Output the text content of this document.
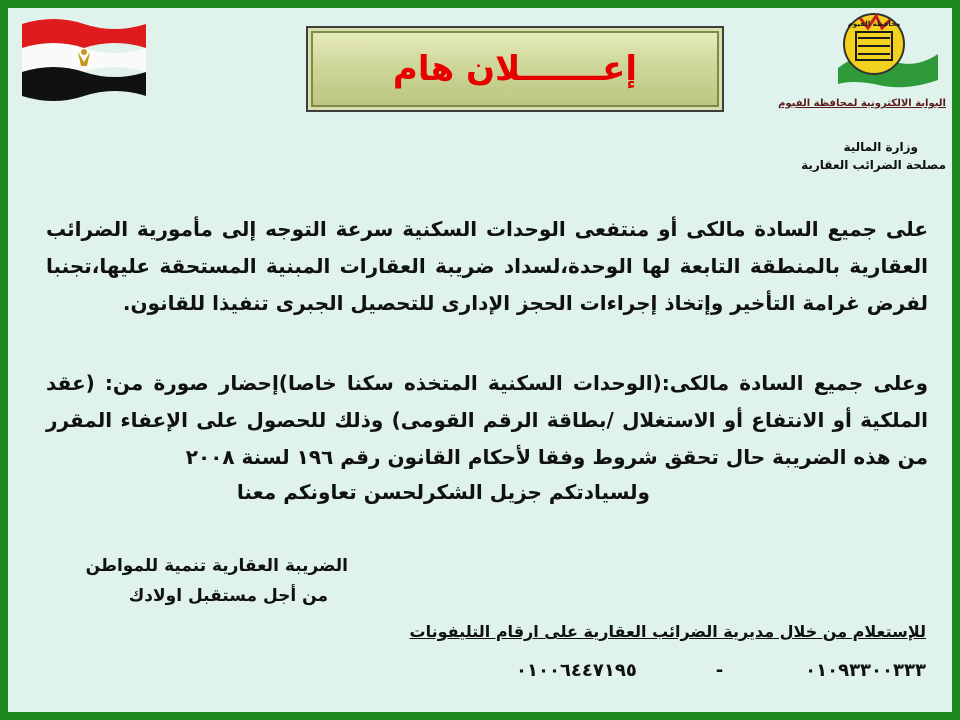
إعـــــــلان هام
محافظة الفيوم
البوابة الالكترونية لمحافظة الفيوم
وزارة المالية
مصلحة الضرائب العقارية
على جميع السادة مالكى أو منتفعى الوحدات السكنية سرعة التوجه إلى مأمورية الضرائب العقارية بالمنطقة التابعة لها الوحدة،لسداد ضريبة العقارات المبنية المستحقة عليها،تجنبا لفرض غرامة التأخير وإتخاذ إجراءات الحجز الإدارى للتحصيل الجبرى تنفيذا للقانون.
وعلى جميع السادة مالكى:(الوحدات السكنية المتخذه سكنا خاصا)إحضار صورة من: (عقد الملكية أو الانتفاع أو الاستغلال /بطاقة الرقم القومى) وذلك للحصول على الإعفاء المقرر من هذه الضريبة حال تحقق شروط وفقا لأحكام القانون رقم ١٩٦ لسنة ٢٠٠٨
ولسيادتكم جزيل الشكرلحسن تعاونكم معنا
الضريبة العقارية تنمية للمواطن
من أجل مستقبل اولادك
للإستعلام من خلال مديرية الضرائب العقارية على ارقام التليفونات
٠١٠٠٦٤٤٧١٩٥	-	٠١٠٩٣٣٠٠٣٣٣
